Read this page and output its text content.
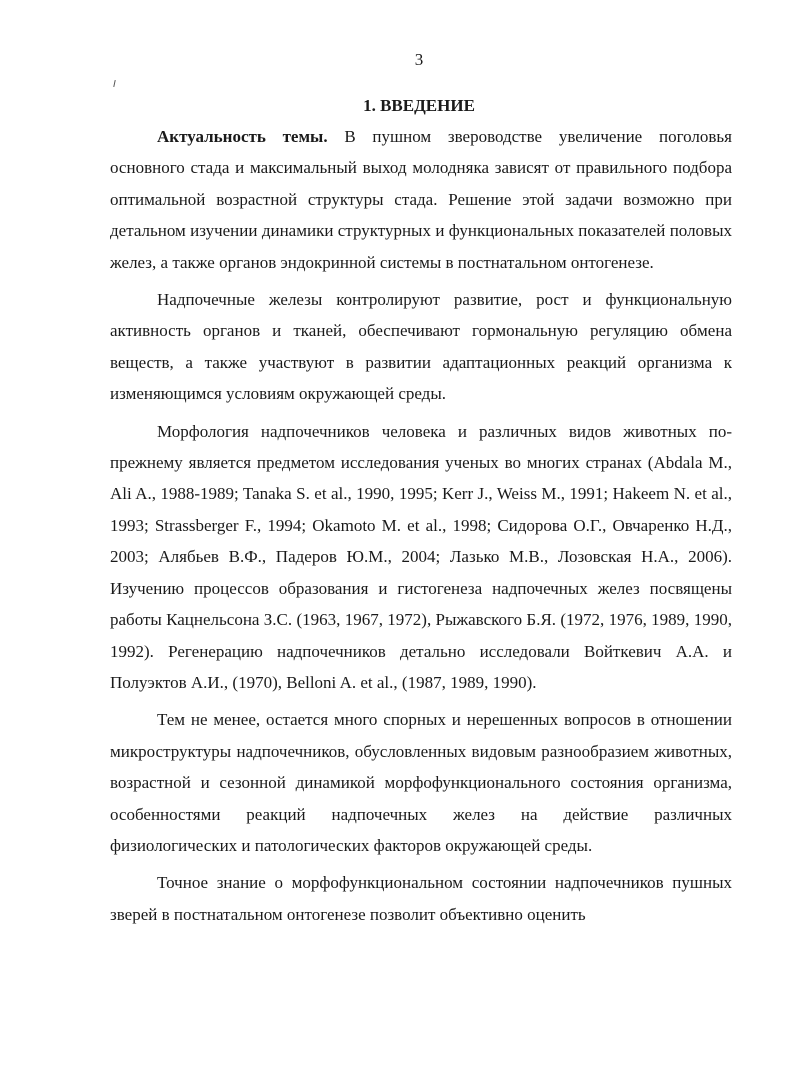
3
1. ВВЕДЕНИЕ

Актуальность темы. В пушном звероводстве увеличение поголовья основного стада и максимальный выход молодняка зависят от правильного подбора оптимальной возрастной структуры стада. Решение этой задачи возможно при детальном изучении динамики структурных и функциональных показателей половых желез, а также органов эндокринной системы в постнатальном онтогенезе.

Надпочечные железы контролируют развитие, рост и функциональную активность органов и тканей, обеспечивают гормональную регуляцию обмена веществ, а также участвуют в развитии адаптационных реакций организма к изменяющимся условиям окружающей среды.

Морфология надпочечников человека и различных видов животных по-прежнему является предметом исследования ученых во многих странах (Abdala M., Ali A., 1988-1989; Tanaka S. et al., 1990, 1995; Kerr J., Weiss M., 1991; Hakeem N. et al., 1993; Strassberger F., 1994; Okamoto M. et al., 1998; Сидорова О.Г., Овчаренко Н.Д., 2003; Алябьев В.Ф., Падеров Ю.М., 2004; Лазько М.В., Лозовская Н.А., 2006). Изучению процессов образования и гистогенеза надпочечных желез посвящены работы Кацнельсона З.С. (1963, 1967, 1972), Рыжавского Б.Я. (1972, 1976, 1989, 1990, 1992). Регенерацию надпочечников детально исследовали Войткевич А.А. и Полуэктов А.И., (1970), Belloni A. et al., (1987, 1989, 1990).

Тем не менее, остается много спорных и нерешенных вопросов в отношении микроструктуры надпочечников, обусловленных видовым разнообразием животных, возрастной и сезонной динамикой морфофункционального состояния организма, особенностями реакций надпочечных желез на действие различных физиологических и патологических факторов окружающей среды.

Точное знание о морфофункциональном состоянии надпочечников пушных зверей в постнатальном онтогенезе позволит объективно оценить
